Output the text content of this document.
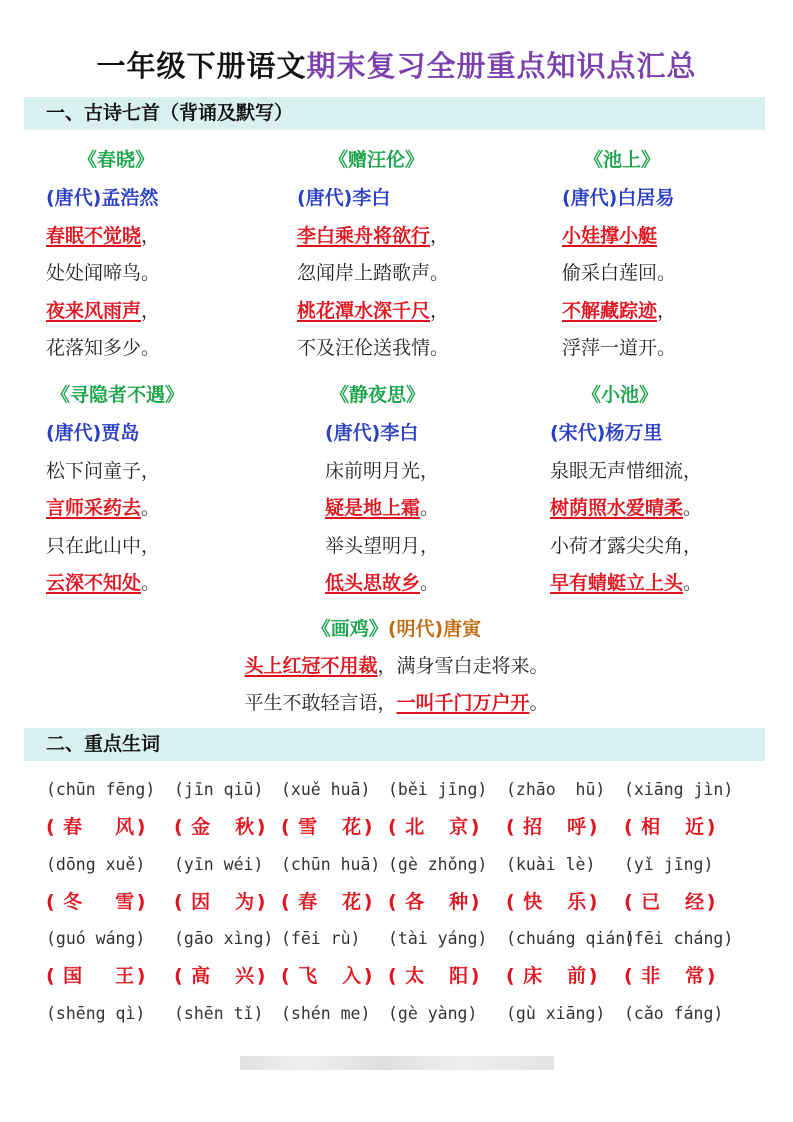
一年级下册语文期末复习全册重点知识点汇总
一、古诗七首（背诵及默写）
《春晓》
(唐代)孟浩然
春眠不觉晓，
处处闻啼鸟。
夜来风雨声，
花落知多少。
《赠汪伦》
(唐代)李白
李白乘舟将欲行，
忽闻岸上踏歌声。
桃花潭水深千尺，
不及汪伦送我情。
《池上》
(唐代)白居易
小娃撑小艇
偷采白莲回。
不解藏踪迹，
浮萍一道开。
《寻隐者不遇》
(唐代)贾岛
松下问童子，
言师采药去。
只在此山中，
云深不知处。
《静夜思》
(唐代)李白
床前明月光，
疑是地上霜。
举头望明月，
低头思故乡。
《小池》
(宋代)杨万里
泉眼无声惜细流，
树荫照水爱晴柔。
小荷才露尖尖角，
早有蜻蜓立上头。
《画鸡》(明代)唐寅
头上红冠不用裁，满身雪白走将来。
平生不敢轻言语，一叫千门万户开。
二、重点生词
(chūn fēng) (jīn qiū) (xuě huā) (běi jīng) (zhāo  hū) (xiāng jìn)
( 春 风 ) ( 金 秋 ) ( 雪 花 ) ( 北 京 ) ( 招 呼 ) ( 相 近 )
(dōng xuě) (yīn wéi) (chūn huā) (gè zhǒng) (kuài lè) (yǐ jīng)
( 冬 雪 ) ( 因 为 ) ( 春 花 ) ( 各 种 ) ( 快 乐 ) ( 已 经 )
(guó wáng) (gāo xìng) (fēi rù) (tài yáng) (chuáng qián)
(fēi cháng)
( 国 王 ) ( 高 兴 ) ( 飞 入 ) ( 太 阳 ) ( 床 前 ) ( 非 常 )
(shēng qì) (shēn tǐ) (shén me) (gè yàng) (gù xiāng) (cǎo fáng)
